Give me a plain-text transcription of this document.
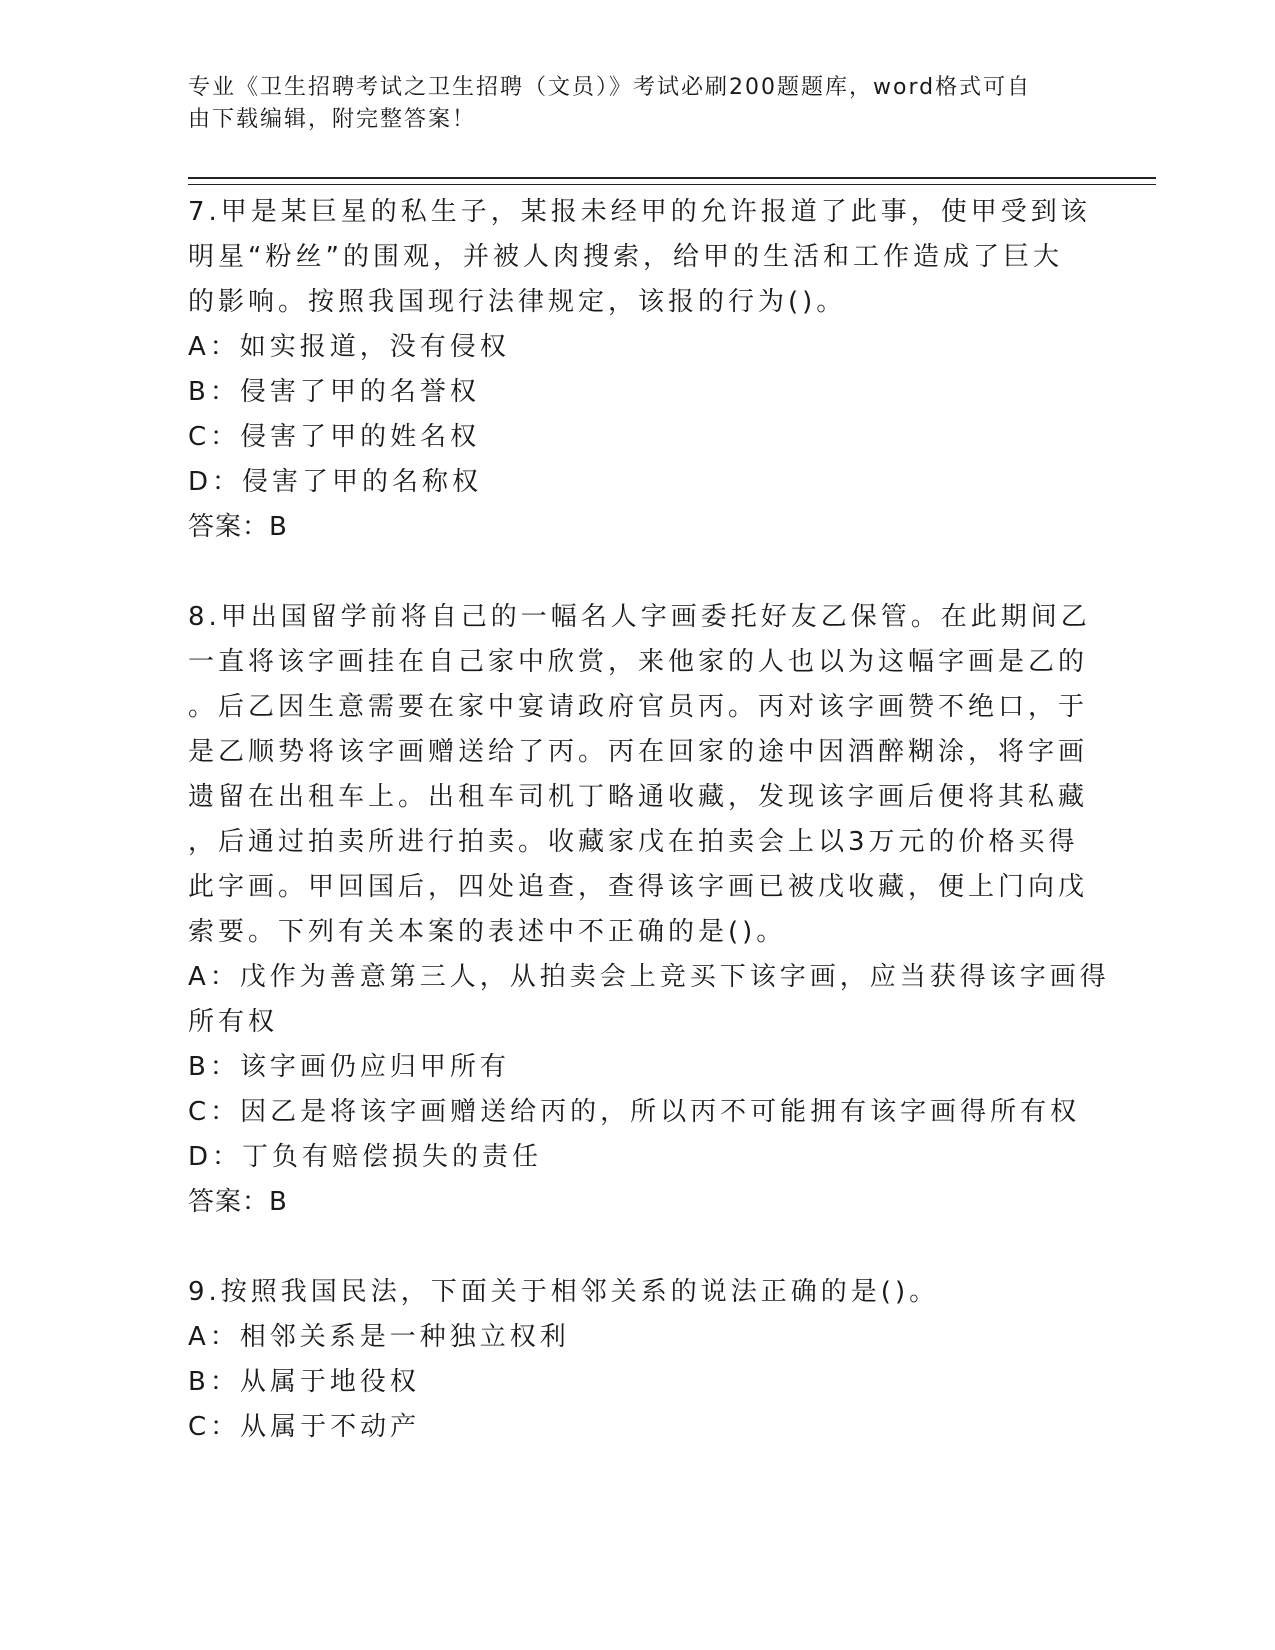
专业《卫生招聘考试之卫生招聘（文员）》考试必刷200题题库，word格式可自
由下载编辑，附完整答案！
7.甲是某巨星的私生子，某报未经甲的允许报道了此事，使甲受到该
明星“粉丝”的围观，并被人肉搜索，给甲的生活和工作造成了巨大
的影响。按照我国现行法律规定，该报的行为()。
A：如实报道，没有侵权
B：侵害了甲的名誉权
C：侵害了甲的姓名权
D：侵害了甲的名称权
答案：B
8.甲出国留学前将自己的一幅名人字画委托好友乙保管。在此期间乙
一直将该字画挂在自己家中欣赏，来他家的人也以为这幅字画是乙的
。后乙因生意需要在家中宴请政府官员丙。丙对该字画赞不绝口，于
是乙顺势将该字画赠送给了丙。丙在回家的途中因酒醉糊涂，将字画
遗留在出租车上。出租车司机丁略通收藏，发现该字画后便将其私藏
，后通过拍卖所进行拍卖。收藏家戊在拍卖会上以3万元的价格买得
此字画。甲回国后，四处追查，查得该字画已被戊收藏，便上门向戊
索要。下列有关本案的表述中不正确的是()。
A：戊作为善意第三人，从拍卖会上竞买下该字画，应当获得该字画得
所有权
B：该字画仍应归甲所有
C：因乙是将该字画赠送给丙的，所以丙不可能拥有该字画得所有权
D：丁负有赔偿损失的责任
答案：B
9.按照我国民法，下面关于相邻关系的说法正确的是()。
A：相邻关系是一种独立权利
B：从属于地役权
C：从属于不动产
